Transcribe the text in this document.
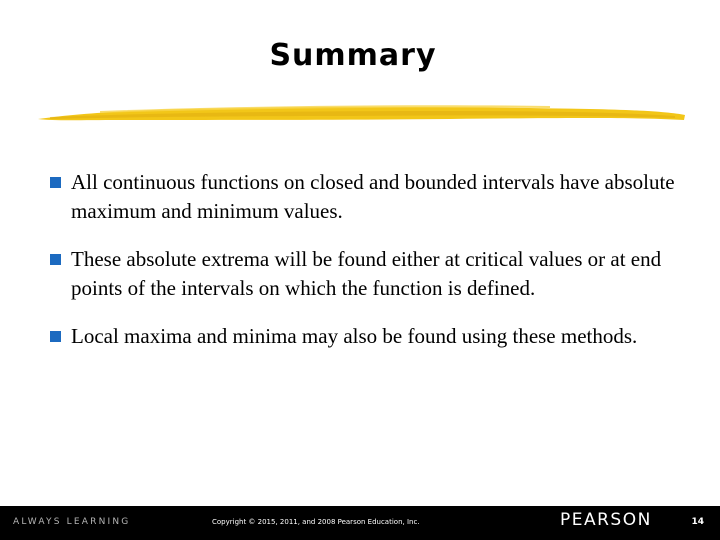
Summary
All continuous functions on closed and bounded intervals have absolute maximum and minimum values.
These absolute extrema will be found either at critical values or at end points of the intervals on which the function is defined.
Local maxima and minima may also be found using these methods.
ALWAYS LEARNING	Copyright © 2015, 2011, and 2008 Pearson Education, Inc.	PEARSON	14
